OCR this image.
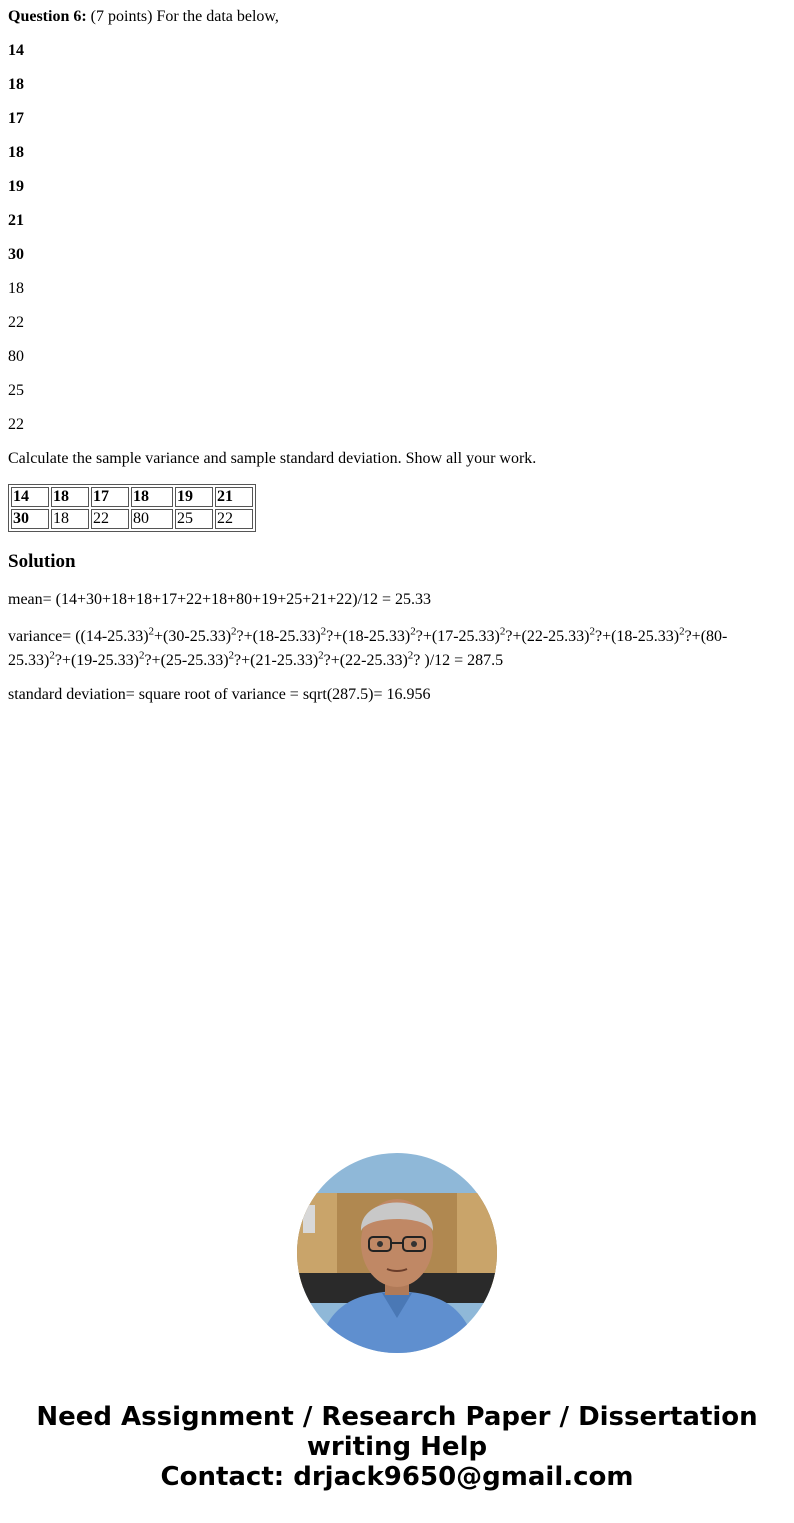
Question 6: (7 points) For the data below,

14

18

17

18

19

21

30

18

22

80

25

22

Calculate the sample variance and sample standard deviation. Show all your work.

14	18	17	18	19	21
30	18	22	80	25	22
Solution

mean= (14+30+18+18+17+22+18+80+19+25+21+22)/12 = 25.33

variance= ($(14-25.33)^2+(30-25.33)^2?+(18-25.33)^2?+(18-25.33)^2?+(17-25.33)^2?+(22-25.33)^2?+(18-25.33)^2?+(80-25.33)^2?+(19-25.33)^2?+(25{}-25.33)^2?+(21-25.33)^2?+(22-25.33)^2$? )/12 = 287.5

standard deviation= square root of variance = sqrt(287.5)= 16.956

Need Assignment / Research Paper / Dissertation
writing Help
Contact: drjack9650@gmail.com
